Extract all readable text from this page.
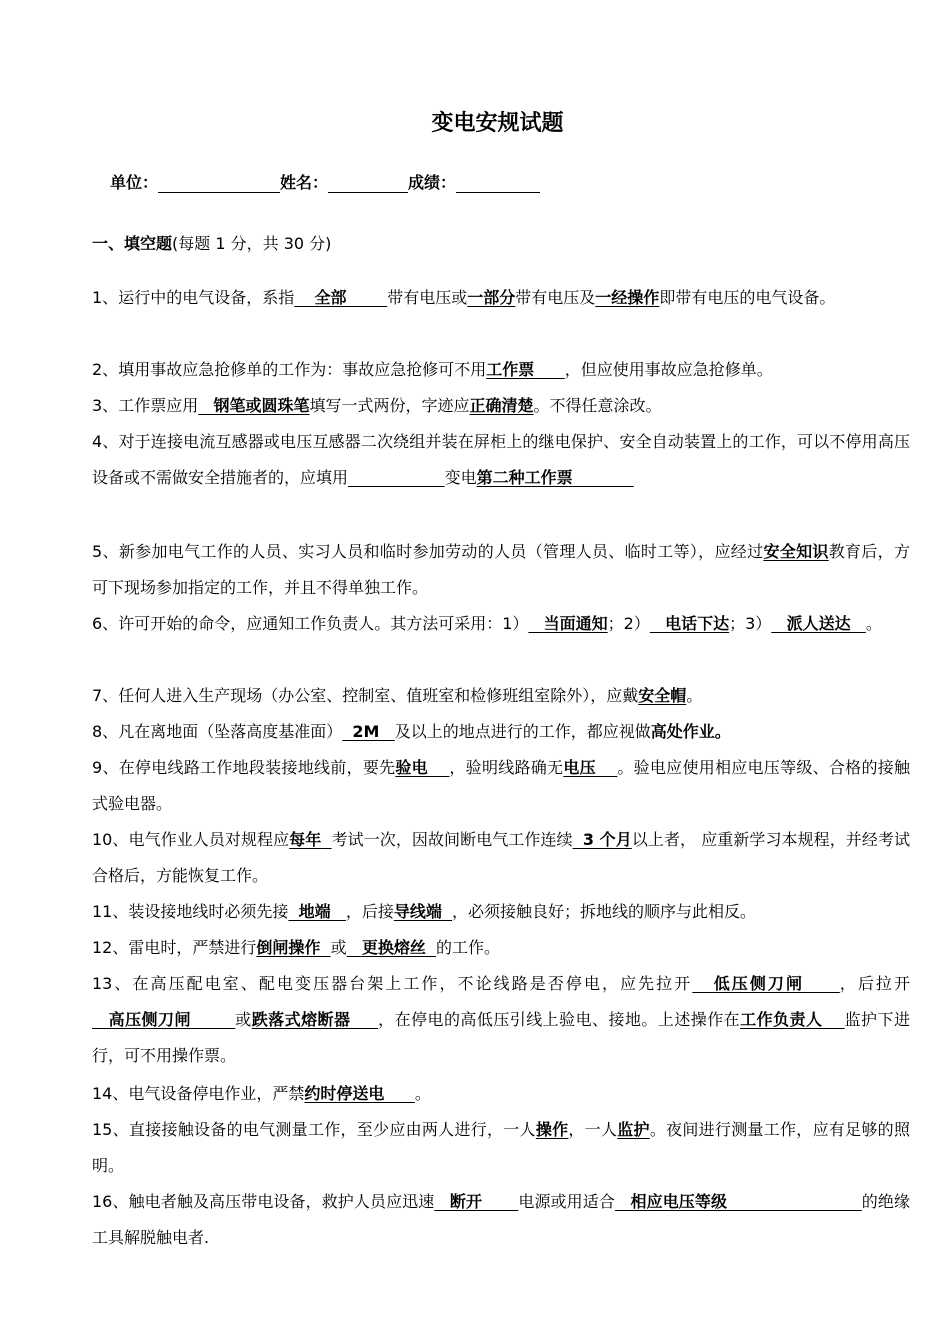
变电安规试题
单位：	姓名：	成绩：
一、填空题(每题 1 分，共 30 分)
1、运行中的电气设备，系指 全部	带有电压或一部分带有电压及一经操作即带有电压的电气设备。
2、填用事故应急抢修单的工作为：事故应急抢修可不用工作票 ，但应使用事故应急抢修单。
3、工作票应用 钢笔或圆珠笔填写一式两份，字迹应正确清楚。不得任意涂改。
4、对于连接电流互感器或电压互感器二次绕组并装在屏柜上的继电保护、安全自动装置上的工作，可以不停用高压设备或不需做安全措施者的，应填用	变电第二种工作票
5、新参加电气工作的人员、实习人员和临时参加劳动的人员（管理人员、临时工等），应经过安全知识教育后，方可下现场参加指定的工作，并且不得单独工作。
6、许可开始的命令，应通知工作负责人。其方法可采用：1） 当面通知；2） 电话下达；3） 派人送达 。
7、任何人进入生产现场（办公室、控制室、值班室和检修班组室除外），应戴安全帽。
8、凡在离地面（坠落高度基准面） 2M 及以上的地点进行的工作，都应视做高处作业。
9、在停电线路工作地段装接地线前，要先验电 ，验明线路确无电压 。验电应使用相应电压等级、合格的接触式验电器。
10、电气作业人员对规程应每年 考试一次，因故间断电气工作连续 3 个月以上者， 应重新学习本规程，并经考试合格后，方能恢复工作。
11、装设接地线时必须先接 地端 ，后接导线端 ，必须接触良好；拆地线的顺序与此相反。
12、雷电时，严禁进行倒闸操作 或 更换熔丝 的工作。
13、在高压配电室、配电变压器台架上工作，不论线路是否停电，应先拉开 低压侧刀闸 ，后拉开   高压侧刀闸	或跌落式熔断器 ，在停电的高低压引线上验电、接地。上述操作在工作负责人 监护下进行，可不用操作票。
14、电气设备停电作业，严禁约时停送电 。
15、直接接触设备的电气测量工作，至少应由两人进行，一人操作，一人监护。夜间进行测量工作，应有足够的照明。
16、触电者触及高压带电设备，救护人员应迅速 断开 电源或用适合 相应电压等级	的绝缘工具解脱触电者.
